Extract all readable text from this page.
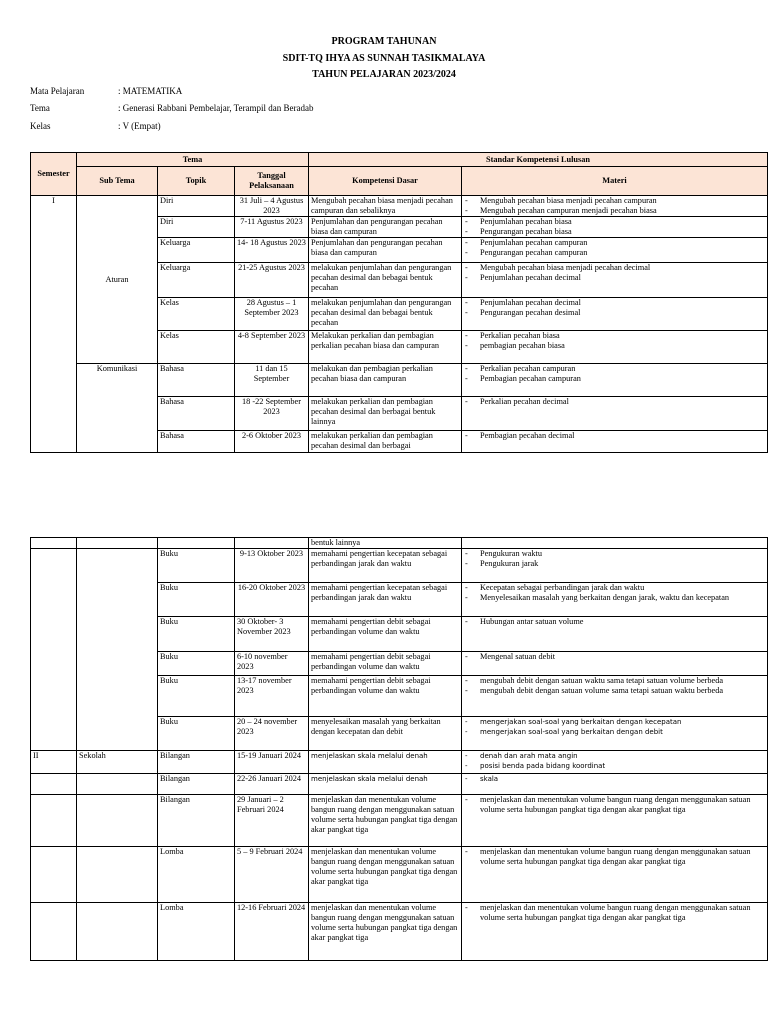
PROGRAM TAHUNAN
SDIT-TQ IHYA AS SUNNAH TASIKMALAYA
TAHUN PELAJARAN 2023/2024
Mata Pelajaran	: MATEMATIKA
Tema	: Generasi Rabbani Pembelajar, Terampil dan Beradab
Kelas	: V (Empat)
Semester	Tema			Standar Kompetensi Lulusan	
	Sub Tema	Topik	Tanggal Pelaksanaan	Kompetensi Dasar	Materi
I	Aturan	Diri	31 Juli – 4 Agustus 2023	Mengubah pecahan biasa menjadi pecahan campuran dan sebaliknya	- Mengubah pecahan biasa menjadi pecahan campuran
- Mengubah pecahan campuran menjadi pecahan biasa

		Diri	7-11 Agustus 2023	Penjumlahan dan pengurangan pecahan biasa dan campuran	- Penjumlahan pecahan biasa
- Pengurangan pecahan biasa

		Keluarga	14- 18 Agustus 2023	Penjumlahan dan pengurangan pecahan biasa dan campuran	- Penjumlahan pecahan campuran
- Pengurangan pecahan campuran

		Keluarga	21-25 Agustus 2023	melakukan penjumlahan dan pengurangan pecahan desimal dan bebagai bentuk pecahan	- Mengubah pecahan biasa menjadi pecahan decimal
- Penjumlahan pecahan decimal

		Kelas	28 Agustus – 1 September 2023	melakukan penjumlahan dan pengurangan pecahan desimal dan bebagai bentuk pecahan	- Penjumlahan pecahan decimal
- Pengurangan pecahan desimal

		Kelas	4-8 September 2023	Melakukan perkalian dan pembagian perkalian pecahan biasa dan campuran	- Perkalian pecahan biasa
- pembagian pecahan biasa

	Komunikasi	Bahasa	11 dan 15 September	melakukan dan pembagian perkalian pecahan biasa dan campuran	- Perkalian pecahan campuran
- Pembagian pecahan campuran

		Bahasa	18 -22 September 2023	melakukan perkalian dan pembagian pecahan desimal dan berbagai bentuk lainnya	- Perkalian pecahan decimal

		Bahasa	2-6 Oktober 2023	melakukan perkalian dan pembagian pecahan desimal dan berbagai	- Pembagian pecahan decimal
				bentuk lainnya	
		Buku	9-13 Oktober 2023	memahami pengertian kecepatan sebagai perbandingan jarak dan waktu	- Pengukuran waktu
- Pengukuran jarak

		Buku	16-20 Oktober 2023	memahami pengertian kecepatan sebagai perbandingan jarak dan waktu	- Kecepatan sebagai perbandingan jarak dan waktu
- Menyelesaikan masalah yang berkaitan dengan jarak, waktu dan kecepatan

		Buku	30 Oktober- 3 November 2023	memahami pengertian debit sebagai perbandingan volume dan waktu	- Hubungan antar satuan volume

		Buku	6-10 november 2023	memahami pengertian debit sebagai perbandingan volume dan waktu	- Mengenal satuan debit

		Buku	13-17 november 2023	memahami pengertian debit sebagai perbandingan volume dan waktu	- mengubah debit dengan satuan waktu sama tetapi satuan volume berbeda
- mengubah debit dengan satuan volume sama tetapi satuan waktu berbeda

		Buku	20 – 24 november 2023	menyelesaikan masalah yang berkaitan dengan kecepatan dan debit	- mengerjakan soal-soal yang berkaitan dengan kecepatan
- mengerjakan soal-soal yang berkaitan dengan debit

II	Sekolah	Bilangan	15-19 Januari 2024	menjelaskan skala melalui denah	- denah dan arah mata angin
- posisi benda pada bidang koordinat

		Bilangan	22-26 Januari 2024	menjelaskan skala melalui denah	- skala

		Bilangan	29 Januari – 2 Februari 2024	menjelaskan dan menentukan volume bangun ruang dengan menggunakan satuan volume serta hubungan pangkat tiga dengan akar pangkat tiga	- menjelaskan dan menentukan volume bangun ruang dengan menggunakan satuan volume serta hubungan pangkat tiga dengan akar pangkat tiga

		Lomba	5 – 9 Februari 2024	menjelaskan dan menentukan volume bangun ruang dengan menggunakan satuan volume serta hubungan pangkat tiga dengan akar pangkat tiga	- menjelaskan dan menentukan volume bangun ruang dengan menggunakan satuan volume serta hubungan pangkat tiga dengan akar pangkat tiga

		Lomba	12-16 Februari 2024	menjelaskan dan menentukan volume bangun ruang dengan menggunakan satuan volume serta hubungan pangkat tiga dengan akar pangkat tiga	- menjelaskan dan menentukan volume bangun ruang dengan menggunakan satuan volume serta hubungan pangkat tiga dengan akar pangkat tiga
